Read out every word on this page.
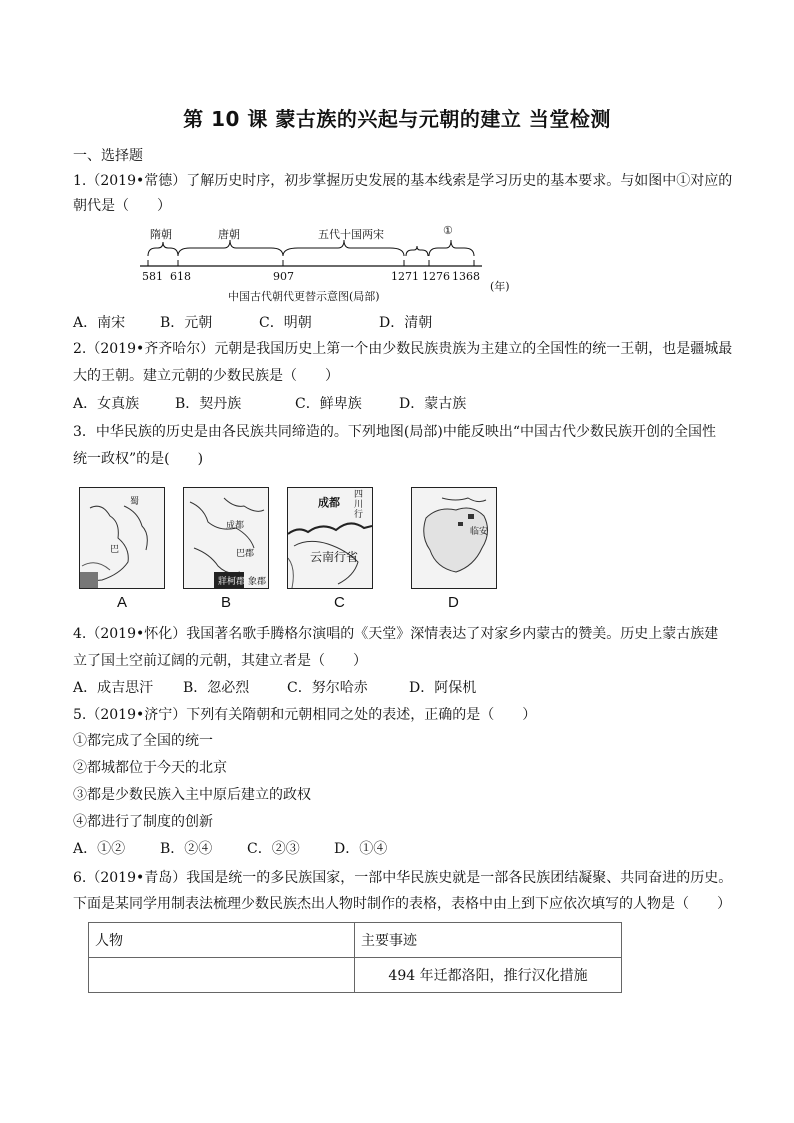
第 10 课 蒙古族的兴起与元朝的建立 当堂检测
一、选择题
1.（2019•常德）了解历史时序，初步掌握历史发展的基本线索是学习历史的基本要求。与如图中①对应的
朝代是（　　）
隋朝	唐朝	五代十国两宋	①
581 618	907	1271 1276 1368
(年)
中国古代朝代更替示意图(局部)
A．南宋 B．元朝	C．明朝	D．清朝
2.（2019•齐齐哈尔）元朝是我国历史上第一个由少数民族贵族为主建立的全国性的统一王朝，也是疆城最
大的王朝。建立元朝的少数民族是（　　）
A．女真族	B．契丹族	C．鲜卑族	D．蒙古族
3．中华民族的历史是由各民族共同缔造的。下列地图(局部)中能反映出“中国古代少数民族开创的全国性
统一政权”的是(　　)
蜀
巴
A
成都
巴郡
牂柯郡 象郡
B
成都
四川行
云南行省
C
临安
D
4.（2019•怀化）我国著名歌手腾格尔演唱的《天堂》深情表达了对家乡内蒙古的赞美。历史上蒙古族建
立了国土空前辽阔的元朝，其建立者是（　　）
A．成吉思汗 B．忽必烈	C．努尔哈赤	D．阿保机
5.（2019•济宁）下列有关隋朝和元朝相同之处的表述，正确的是（　　）
①都完成了全国的统一
②都城都位于今天的北京
③都是少数民族入主中原后建立的政权
④都进行了制度的创新
A．①② B．②④ C．②③ D．①④
6.（2019•青岛）我国是统一的多民族国家，一部中华民族史就是一部各民族团结凝聚、共同奋进的历史。
下面是某同学用制表法梳理少数民族杰出人物时制作的表格，表格中由上到下应依次填写的人物是（　　）
人物	主要事迹
	494 年迁都洛阳，推行汉化措施
